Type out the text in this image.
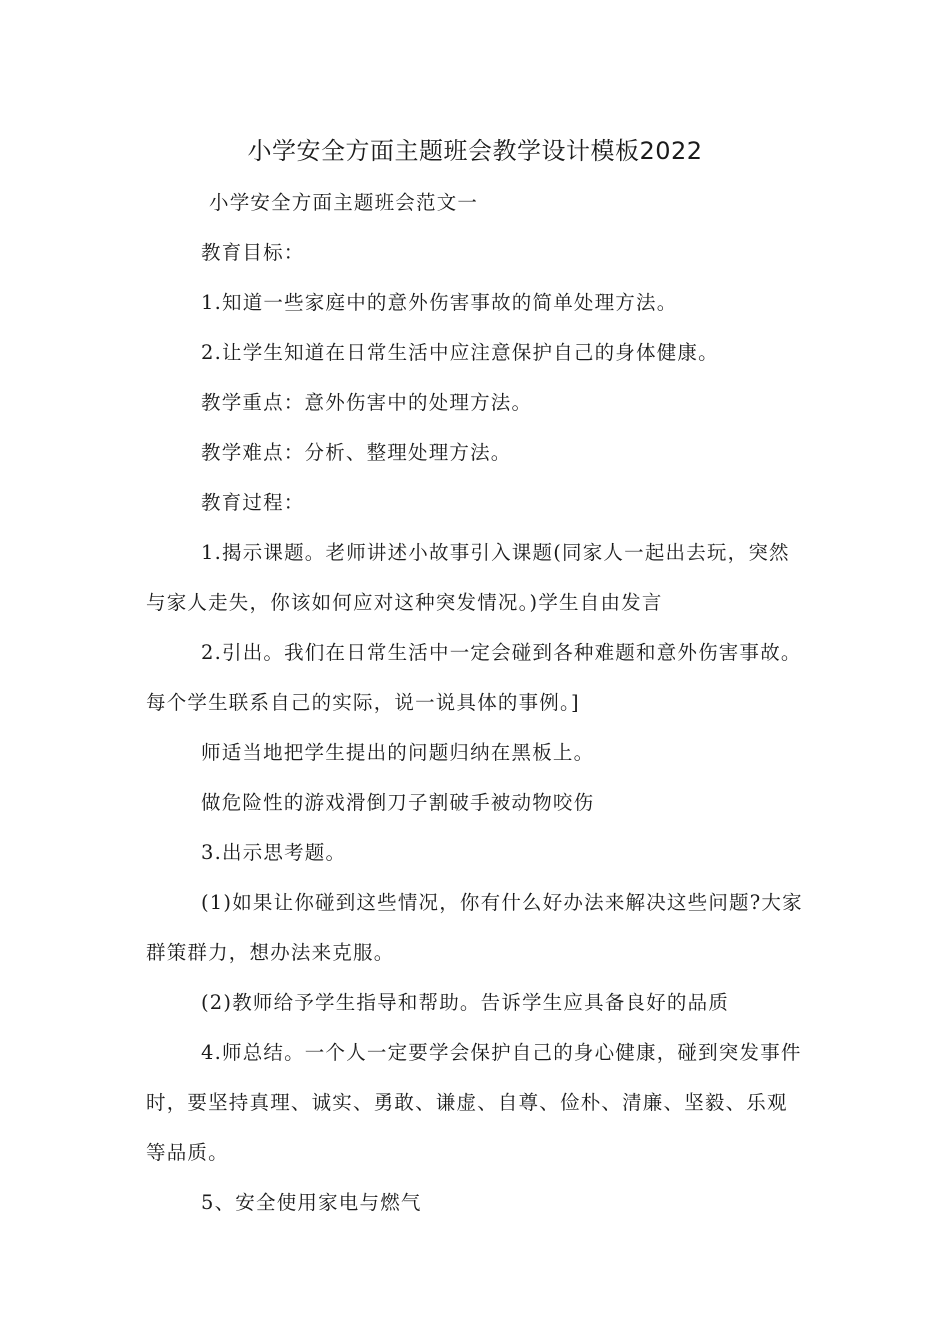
小学安全方面主题班会教学设计模板2022

小学安全方面主题班会范文一

教育目标：

1.知道一些家庭中的意外伤害事故的简单处理方法。

2.让学生知道在日常生活中应注意保护自己的身体健康。

教学重点：意外伤害中的处理方法。

教学难点：分析、整理处理方法。

教育过程：

1.揭示课题。老师讲述小故事引入课题(同家人一起出去玩，突然与家人走失，你该如何应对这种突发情况。)学生自由发言

2.引出。我们在日常生活中一定会碰到各种难题和意外伤害事故。每个学生联系自己的实际，说一说具体的事例。]

师适当地把学生提出的问题归纳在黑板上。

做危险性的游戏滑倒刀子割破手被动物咬伤

3.出示思考题。

(1)如果让你碰到这些情况，你有什么好办法来解决这些问题?大家群策群力，想办法来克服。

(2)教师给予学生指导和帮助。告诉学生应具备良好的品质

4.师总结。一个人一定要学会保护自己的身心健康，碰到突发事件时，要坚持真理、诚实、勇敢、谦虚、自尊、俭朴、清廉、坚毅、乐观等品质。

5、安全使用家电与燃气
